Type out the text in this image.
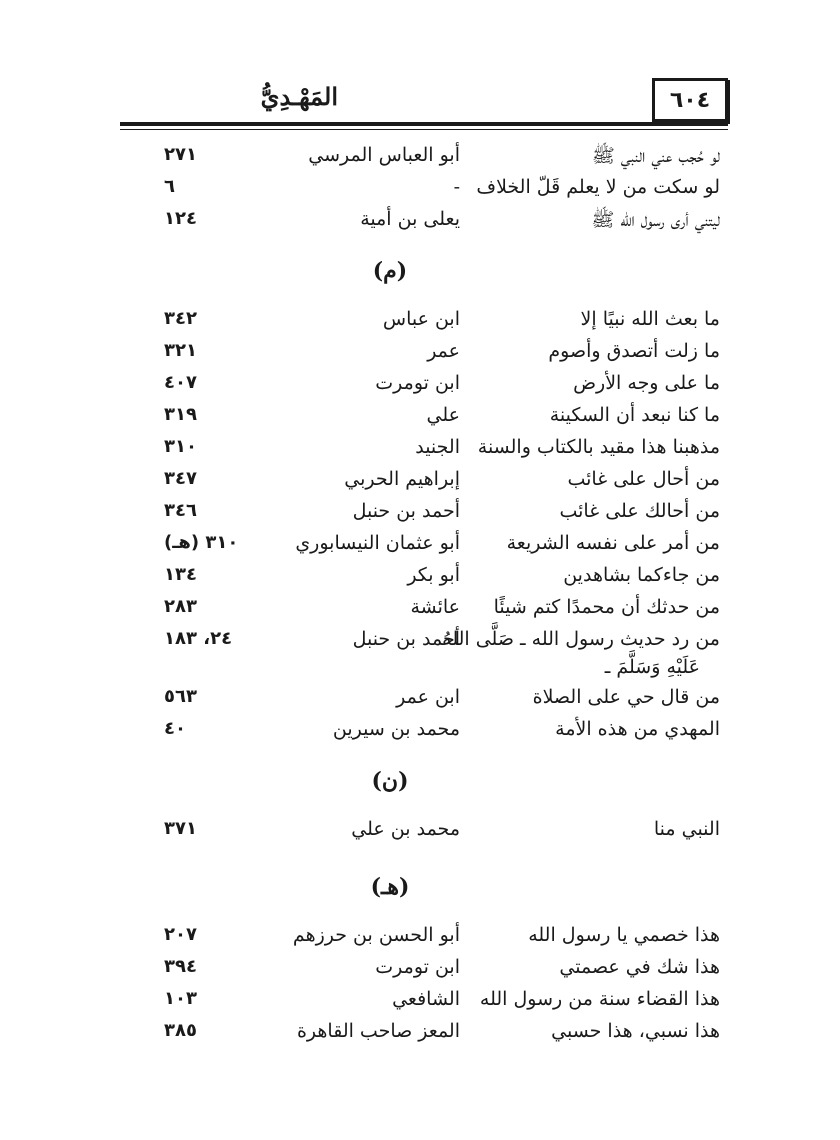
٦٠٤
المَهْـدِيُّ
لو حُجب عني النبي ﷺ
أبو العباس المرسي
٢٧١
لو سكت من لا يعلم قَلّ الخلاف
-
٦
ليتني أرى رسول الله ﷺ
يعلى بن أمية
١٢٤
(م)
ما بعث الله نبيًا إلا
ابن عباس
٣٤٢
ما زلت أتصدق وأصوم
عمر
٣٢١
ما على وجه الأرض
ابن تومرت
٤٠٧
ما كنا نبعد أن السكينة
علي
٣١٩
مذهبنا هذا مقيد بالكتاب والسنة
الجنيد
٣١٠
من أحال على غائب
إبراهيم الحربي
٣٤٧
من أحالك على غائب
أحمد بن حنبل
٣٤٦
من أمر على نفسه الشريعة
أبو عثمان النيسابوري
٣١٠ (هـ)
من جاءكما بشاهدين
أبو بكر
١٣٤
من حدثك أن محمدًا كتم شيئًا
عائشة
٢٨٣
من رد حديث رسول الله ـ صَلَّى اللهُ
عَلَيْهِ وَسَلَّمَ ـ
أحمد بن حنبل
٢٤، ١٨٣
من قال حي على الصلاة
ابن عمر
٥٦٣
المهدي من هذه الأمة
محمد بن سيرين
٤٠
(ن)
النبي منا
محمد بن علي
٣٧١
(هـ)
هذا خصمي يا رسول الله
أبو الحسن بن حرزهم
٢٠٧
هذا شك في عصمتي
ابن تومرت
٣٩٤
هذا القضاء سنة من رسول الله
الشافعي
١٠٣
هذا نسبي، هذا حسبي
المعز صاحب القاهرة
٣٨٥
